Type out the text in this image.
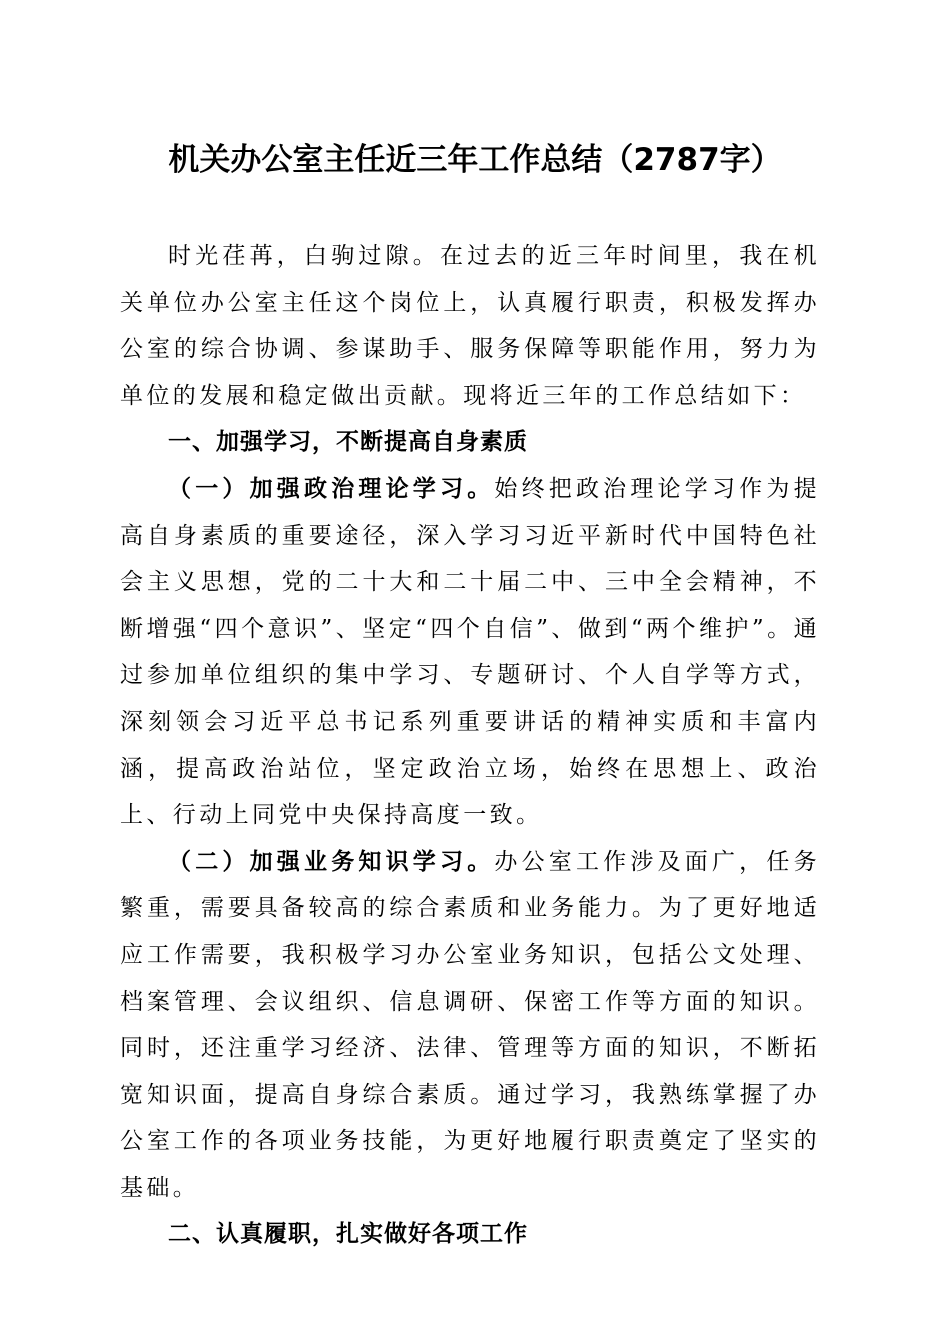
机关办公室主任近三年工作总结（2787字）

时光荏苒，白驹过隙。在过去的近三年时间里，我在机关单位办公室主任这个岗位上，认真履行职责，积极发挥办公室的综合协调、参谋助手、服务保障等职能作用，努力为单位的发展和稳定做出贡献。现将近三年的工作总结如下：

一、加强学习，不断提高自身素质

（一）加强政治理论学习。始终把政治理论学习作为提高自身素质的重要途径，深入学习习近平新时代中国特色社会主义思想，党的二十大和二十届二中、三中全会精神，不断增强“四个意识”、坚定“四个自信”、做到“两个维护”。通过参加单位组织的集中学习、专题研讨、个人自学等方式，深刻领会习近平总书记系列重要讲话的精神实质和丰富内涵，提高政治站位，坚定政治立场，始终在思想上、政治上、行动上同党中央保持高度一致。

（二）加强业务知识学习。办公室工作涉及面广，任务繁重，需要具备较高的综合素质和业务能力。为了更好地适应工作需要，我积极学习办公室业务知识，包括公文处理、档案管理、会议组织、信息调研、保密工作等方面的知识。同时，还注重学习经济、法律、管理等方面的知识，不断拓宽知识面，提高自身综合素质。通过学习，我熟练掌握了办公室工作的各项业务技能，为更好地履行职责奠定了坚实的基础。

二、认真履职，扎实做好各项工作
